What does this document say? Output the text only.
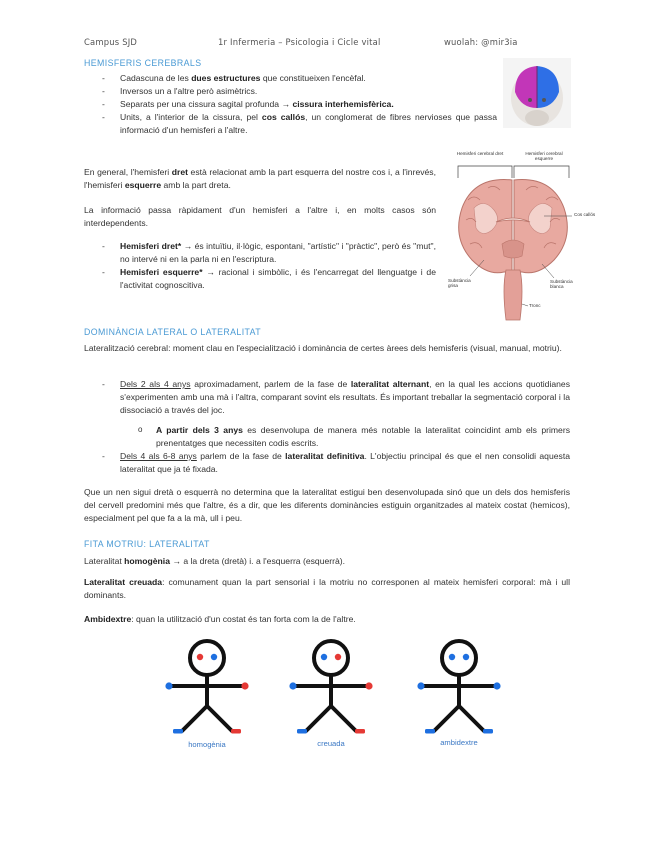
Campus SJD	1r Infermeria – Psicologia i Cicle vital	wuolah: @mir3ia
HEMISFERIS CEREBRALS
- Cadascuna de les dues estructures que constitueixen l'encèfal.
- Inversos un a l'altre però asimètrics.
- Separats per una cissura sagital profunda → cissura interhemisfèrica.
- Units, a l'interior de la cissura, pel cos callós, un conglomerat de fibres nervioses que passa informació d'un hemisferi a l'altre.

En general, l'hemisferi dret està relacionat amb la part esquerra del nostre cos i, a l'inrevés, l'hemisferi esquerre amb la part dreta.

La informació passa ràpidament d'un hemisferi a l'altre i, en molts casos són interdependents.

- Hemisferi dret* → és intuïtiu, il·lògic, espontani, "artístic" i "pràctic", però és "mut", no intervé ni en la parla ni en l'escriptura.
- Hemisferi esquerre* → racional i simbòlic, i és l'encarregat del llenguatge i de l'activitat cognoscitiva.
Hemisferi cerebral dret	Hemisferi cerebral esquerre
Cos callós
Substància grisa
Substància blanca
Tronc
DOMINÀNCIA LATERAL O LATERALITAT

Lateralització cerebral: moment clau en l'especialització i dominància de certes àrees dels hemisferis (visual, manual, motriu).

- Dels 2 als 4 anys aproximadament, parlem de la fase de lateralitat alternant, en la qual les accions quotidianes s'experimenten amb una mà i l'altra, comparant sovint els resultats. És important treballar la segmentació corporal i la dissociació a través del joc.
o A partir dels 3 anys es desenvolupa de manera més notable la lateralitat coincidint amb els primers prenentatges que necessiten codis escrits.
- Dels 4 als 6-8 anys parlem de la fase de lateralitat definitiva. L'objectiu principal és que el nen consolidi aquesta lateralitat que ja té fixada.

Que un nen sigui dretà o esquerrà no determina que la lateralitat estigui ben desenvolupada sinó que un dels dos hemisferis del cervell predomini més que l'altre, és a dir, que les diferents dominàncies estiguin organitzades al mateix costat (hemicos), especialment pel que fa a la mà, ull i peu.

FITA MOTRIU: LATERALITAT

Lateralitat homogènia → a la dreta (dretà) i. a l'esquerra (esquerrà).

Lateralitat creuada: comunament quan la part sensorial i la motriu no corresponen al mateix hemisferi corporal: mà i ull dominants.

Ambidextre: quan la utilització d'un costat és tan forta com la de l'altre.

homogènia	creuada	ambidextre
